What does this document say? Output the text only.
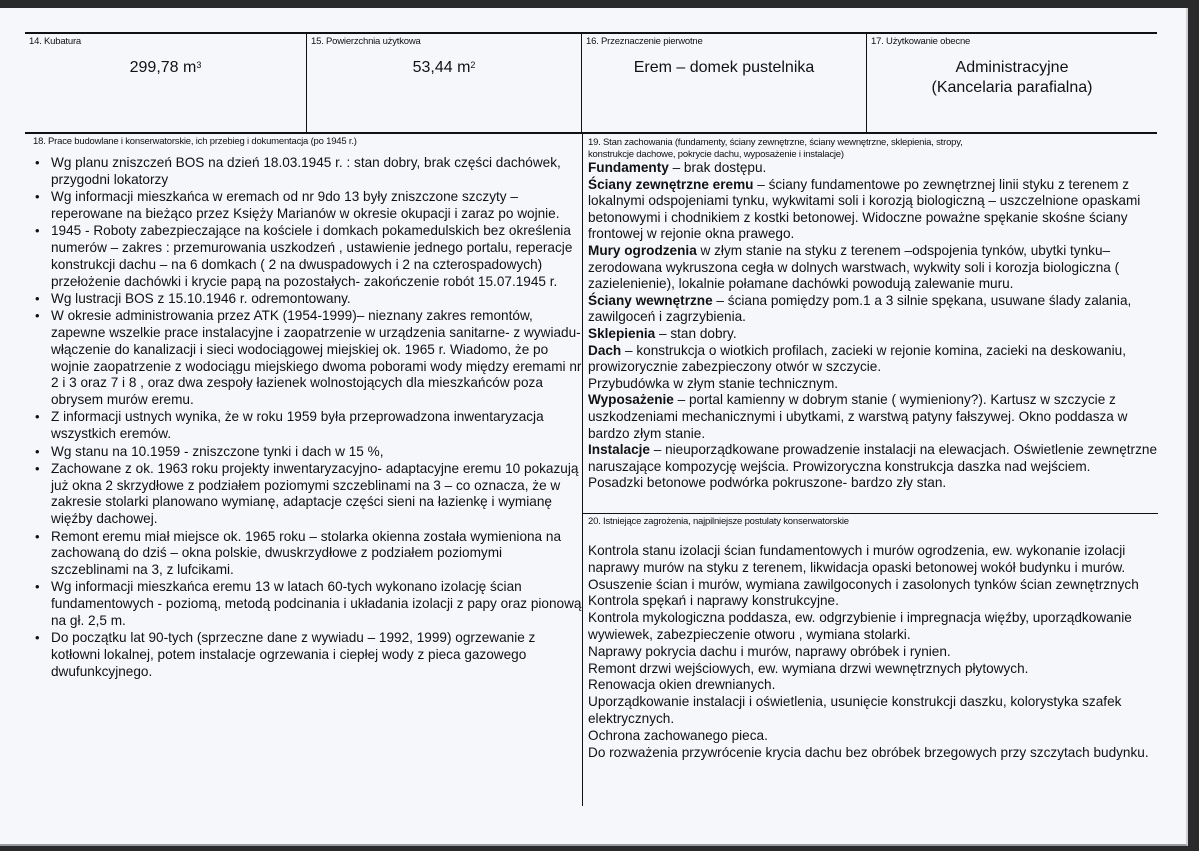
14. Kubatura
299,78 $m^3$
15. Powierzchnia użytkowa
53,44 $m^2$
16. Przeznaczenie pierwotne
Erem – domek pustelnika
17. Użytkowanie obecne
Administracyjne
(Kancelaria parafialna)
18. Prace budowlane i konserwatorskie, ich przebieg i dokumentacja (po 1945 r.)
• Wg planu zniszczeń BOS na dzień 18.03.1945 r. : stan dobry, brak części dachówek, przygodni lokatorzy
• Wg informacji mieszkańca w eremach od nr 9do 13 były zniszczone szczyty – reperowane na bieżąco przez Księży Marianów w okresie okupacji i zaraz po wojnie.
• 1945 - Roboty zabezpieczające na kościele i domkach pokamedulskich bez określenia numerów – zakres : przemurowania uszkodzeń , ustawienie jednego portalu, reperacje konstrukcji dachu – na 6 domkach ( 2 na dwuspadowych i 2 na czterospadowych) przełożenie dachówki i krycie papą na pozostałych- zakończenie robót 15.07.1945 r.
• Wg lustracji BOS z 15.10.1946 r. odremontowany.
• W okresie administrowania przez ATK (1954-1999)– nieznany zakres remontów, zapewne wszelkie prace instalacyjne i zaopatrzenie w urządzenia sanitarne- z wywiadu- włączenie do kanalizacji i sieci wodociągowej miejskiej ok. 1965 r. Wiadomo, że po wojnie zaopatrzenie z wodociągu miejskiego dwoma poborami wody między eremami nr 2 i 3 oraz 7 i 8 , oraz dwa zespoły łazienek wolnostojących dla mieszkańców poza obrysem murów eremu.
• Z informacji ustnych wynika, że w roku 1959 była przeprowadzona inwentaryzacja wszystkich eremów.
• Wg stanu na 10.1959 - zniszczone tynki i dach w 15 %,
• Zachowane z ok. 1963 roku projekty inwentaryzacyjno- adaptacyjne eremu 10 pokazują już okna 2 skrzydłowe z podziałem poziomymi szczeblinami na 3 – co oznacza, że w zakresie stolarki planowano wymianę, adaptacje części sieni na łazienkę i wymianę więźby dachowej.
• Remont eremu miał miejsce ok. 1965 roku – stolarka okienna została wymieniona na zachowaną do dziś – okna polskie, dwuskrzydłowe z podziałem poziomymi szczeblinami na 3, z lufcikami.
• Wg informacji mieszkańca eremu 13 w latach 60-tych wykonano izolację ścian fundamentowych - poziomą, metodą podcinania i układania izolacji z papy oraz pionową na gł. 2,5 m.
• Do początku lat 90-tych (sprzeczne dane z wywiadu – 1992, 1999) ogrzewanie z kotłowni lokalnej, potem instalacje ogrzewania i ciepłej wody z pieca gazowego dwufunkcyjnego.
19. Stan zachowania (fundamenty, ściany zewnętrzne, ściany wewnętrzne, sklepienia, stropy,
konstrukcje dachowe, pokrycie dachu, wyposażenie i instalacje)

Fundamenty – brak dostępu.

Ściany zewnętrzne eremu – ściany fundamentowe po zewnętrznej linii styku z terenem z lokalnymi odspojeniami tynku, wykwitami soli i korozją biologiczną – uszczelnione opaskami betonowymi i chodnikiem z kostki betonowej. Widoczne poważne spękanie skośne ściany frontowej w rejonie okna prawego.

Mury ogrodzenia w złym stanie na styku z terenem –odspojenia tynków, ubytki tynku– zerodowana wykruszona cegła w dolnych warstwach, wykwity soli i korozja biologiczna ( zazielenienie), lokalnie połamane dachówki powodują zalewanie muru.

Ściany wewnętrzne – ściana pomiędzy pom.1 a 3 silnie spękana, usuwane ślady zalania, zawilgoceń i zagrzybienia.

Sklepienia – stan dobry.

Dach – konstrukcja o wiotkich profilach, zacieki w rejonie komina, zacieki na deskowaniu, prowizorycznie zabezpieczony otwór w szczycie.

Przybudówka w złym stanie technicznym.

Wyposażenie – portal kamienny w dobrym stanie ( wymieniony?). Kartusz w szczycie z uszkodzeniami mechanicznymi i ubytkami, z warstwą patyny fałszywej. Okno poddasza w bardzo złym stanie.

Instalacje – nieuporządkowane prowadzenie instalacji na elewacjach. Oświetlenie zewnętrzne naruszające kompozycję wejścia. Prowizoryczna konstrukcja daszka nad wejściem.

Posadzki betonowe podwórka pokruszone- bardzo zły stan.

20. Istniejące zagrożenia, najpilniejsze postulaty konserwatorskie

Kontrola stanu izolacji ścian fundamentowych i murów ogrodzenia, ew. wykonanie izolacji naprawy murów na styku z terenem, likwidacja opaski betonowej wokół budynku i murów.

Osuszenie ścian i murów, wymiana zawilgoconych i zasolonych tynków ścian zewnętrznych

Kontrola spękań i naprawy konstrukcyjne.

Kontrola mykologiczna poddasza, ew. odgrzybienie i impregnacja więźby, uporządkowanie wywiewek, zabezpieczenie otworu , wymiana stolarki.

Naprawy pokrycia dachu i murów, naprawy obróbek i rynien.

Remont drzwi wejściowych, ew. wymiana drzwi wewnętrznych płytowych.

Renowacja okien drewnianych.

Uporządkowanie instalacji i oświetlenia, usunięcie konstrukcji daszku, kolorystyka szafek elektrycznych.

Ochrona zachowanego pieca.

Do rozważenia przywrócenie krycia dachu bez obróbek brzegowych przy szczytach budynku.
